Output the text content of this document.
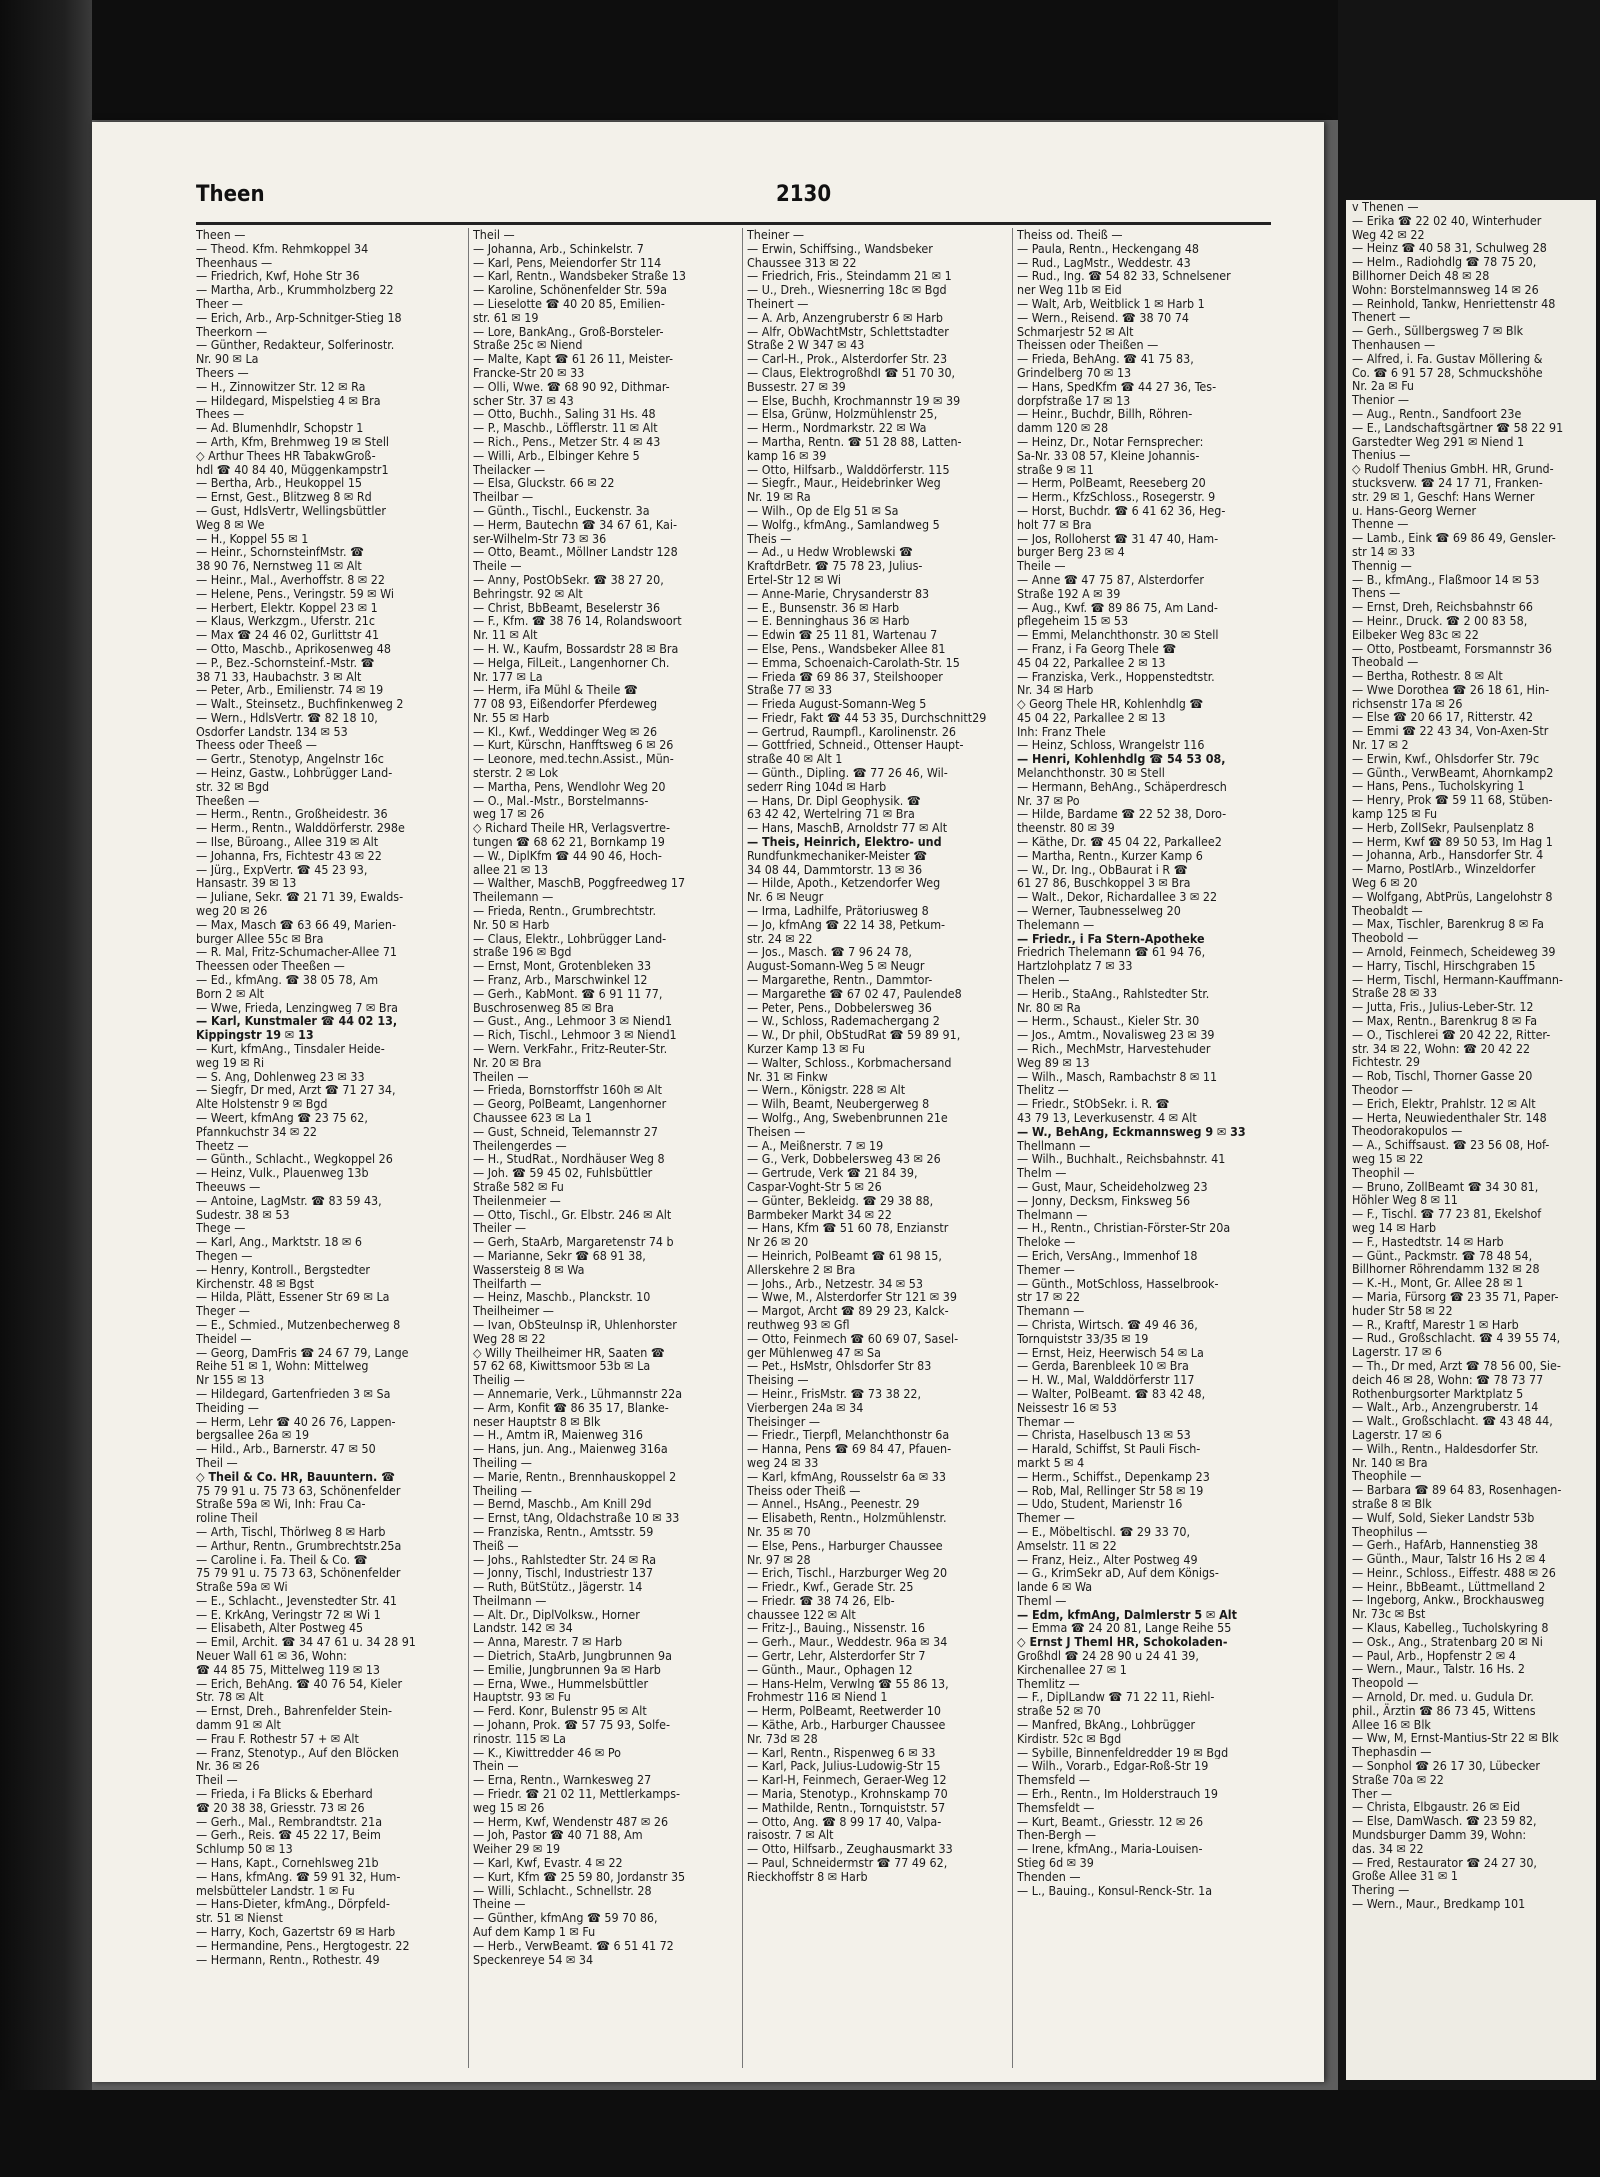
Theen	2130
Theen —
— Theod. Kfm. Rehmkoppel 34
Theenhaus —
— Friedrich, Kwf, Hohe Str 36
— Martha, Arb., Krummholzberg 22
Theer —
— Erich, Arb., Arp-Schnitger-Stieg 18
Theerkorn —
— Günther, Redakteur, Solferinostr.
Nr. 90 ✉ La
Theers —
— H., Zinnowitzer Str. 12 ✉ Ra
— Hildegard, Mispelstieg 4 ✉ Bra
Thees —
— Ad. Blumenhdlr, Schopstr 1
— Arth, Kfm, Brehmweg 19 ✉ Stell
◇ Arthur Thees HR TabakwGroß-
hdl ☎ 40 84 40, Müggenkampstr1
— Bertha, Arb., Heukoppel 15
— Ernst, Gest., Blitzweg 8 ✉ Rd
— Gust, HdlsVertr, Wellingsbüttler
Weg 8 ✉ We
— H., Koppel 55 ✉ 1
— Heinr., SchornsteinfMstr. ☎
38 90 76, Nernstweg 11 ✉ Alt
— Heinr., Mal., Averhoffstr. 8 ✉ 22
— Helene, Pens., Veringstr. 59 ✉ Wi
— Herbert, Elektr. Koppel 23 ✉ 1
— Klaus, Werkzgm., Uferstr. 21c
— Max ☎ 24 46 02, Gurlittstr 41
— Otto, Maschb., Aprikosenweg 48
— P., Bez.-Schornsteinf.-Mstr. ☎
38 71 33, Haubachstr. 3 ✉ Alt
— Peter, Arb., Emilienstr. 74 ✉ 19
— Walt., Steinsetz., Buchfinkenweg 2
— Wern., HdlsVertr. ☎ 82 18 10,
Osdorfer Landstr. 134 ✉ 53
Theess oder Theeß —
— Gertr., Stenotyp, Angelnstr 16c
— Heinz, Gastw., Lohbrügger Land-
str. 32 ✉ Bgd
Theeßen —
— Herm., Rentn., Großheidestr. 36
— Herm., Rentn., Walddörferstr. 298e
— Ilse, Büroang., Allee 319 ✉ Alt
— Johanna, Frs, Fichtestr 43 ✉ 22
— Jürg., ExpVertr. ☎ 45 23 93,
Hansastr. 39 ✉ 13
— Juliane, Sekr. ☎ 21 71 39, Ewalds-
weg 20 ✉ 26
— Max, Masch ☎ 63 66 49, Marien-
burger Allee 55c ✉ Bra
— R. Mal, Fritz-Schumacher-Allee 71
Theessen oder Theeßen —
— Ed., kfmAng. ☎ 38 05 78, Am
Born 2 ✉ Alt
— Wwe, Frieda, Lenzingweg 7 ✉ Bra
— Karl, Kunstmaler ☎ 44 02 13,
Kippingstr 19 ✉ 13
— Kurt, kfmAng., Tinsdaler Heide-
weg 19 ✉ Ri
— S. Ang, Dohlenweg 23 ✉ 33
— Siegfr, Dr med, Arzt ☎ 71 27 34,
Alte Holstenstr 9 ✉ Bgd
— Weert, kfmAng ☎ 23 75 62,
Pfannkuchstr 34 ✉ 22
Theetz —
— Günth., Schlacht., Wegkoppel 26
— Heinz, Vulk., Plauenweg 13b
Theeuws —
— Antoine, LagMstr. ☎ 83 59 43,
Sudestr. 38 ✉ 53
Thege —
— Karl, Ang., Marktstr. 18 ✉ 6
Thegen —
— Henry, Kontroll., Bergstedter
Kirchenstr. 48 ✉ Bgst
— Hilda, Plätt, Essener Str 69 ✉ La
Theger —
— E., Schmied., Mutzenbecherweg 8
Theidel —
— Georg, DamFris ☎ 24 67 79, Lange
Reihe 51 ✉ 1, Wohn: Mittelweg
Nr 155 ✉ 13
— Hildegard, Gartenfrieden 3 ✉ Sa
Theiding —
— Herm, Lehr ☎ 40 26 76, Lappen-
bergsallee 26a ✉ 19
— Hild., Arb., Barnerstr. 47 ✉ 50
Theil —
◇ Theil & Co. HR, Bauuntern. ☎
75 79 91 u. 75 73 63, Schönenfelder
Straße 59a ✉ Wi, Inh: Frau Ca-
roline Theil
— Arth, Tischl, Thörlweg 8 ✉ Harb
— Arthur, Rentn., Grumbrechtstr.25a
— Caroline i. Fa. Theil & Co. ☎
75 79 91 u. 75 73 63, Schönenfelder
Straße 59a ✉ Wi
— E., Schlacht., Jevenstedter Str. 41
— E. KrkAng, Veringstr 72 ✉ Wi 1
— Elisabeth, Alter Postweg 45
— Emil, Archit. ☎ 34 47 61 u. 34 28 91
Neuer Wall 61 ✉ 36, Wohn:
☎ 44 85 75, Mittelweg 119 ✉ 13
— Erich, BehAng. ☎ 40 76 54, Kieler
Str. 78 ✉ Alt
— Ernst, Dreh., Bahrenfelder Stein-
damm 91 ✉ Alt
— Frau F. Rothestr 57 + ✉ Alt
— Franz, Stenotyp., Auf den Blöcken
Nr. 36 ✉ 26
Theil —
— Frieda, i Fa Blicks & Eberhard
☎ 20 38 38, Griesstr. 73 ✉ 26
— Gerh., Mal., Rembrandtstr. 21a
— Gerh., Reis. ☎ 45 22 17, Beim
Schlump 50 ✉ 13
— Hans, Kapt., Cornehlsweg 21b
— Hans, kfmAng. ☎ 59 91 32, Hum-
melsbütteler Landstr. 1 ✉ Fu
— Hans-Dieter, kfmAng., Dörpfeld-
str. 51 ✉ Nienst
— Harry, Koch, Gazertstr 69 ✉ Harb
— Hermandine, Pens., Hergtogestr. 22
— Hermann, Rentn., Rothestr. 49
Theil —
— Johanna, Arb., Schinkelstr. 7
— Karl, Pens, Meiendorfer Str 114
— Karl, Rentn., Wandsbeker Straße 13
— Karoline, Schönenfelder Str. 59a
— Lieselotte ☎ 40 20 85, Emilien-
str. 61 ✉ 19
— Lore, BankAng., Groß-Borsteler-
Straße 25c ✉ Niend
— Malte, Kapt ☎ 61 26 11, Meister-
Francke-Str 20 ✉ 33
— Olli, Wwe. ☎ 68 90 92, Dithmar-
scher Str. 37 ✉ 43
— Otto, Buchh., Saling 31 Hs. 48
— P., Maschb., Löfflerstr. 11 ✉ Alt
— Rich., Pens., Metzer Str. 4 ✉ 43
— Willi, Arb., Elbinger Kehre 5
Theilacker —
— Elsa, Gluckstr. 66 ✉ 22
Theilbar —
— Günth., Tischl., Euckenstr. 3a
— Herm, Bautechn ☎ 34 67 61, Kai-
ser-Wilhelm-Str 73 ✉ 36
— Otto, Beamt., Möllner Landstr 128
Theile —
— Anny, PostObSekr. ☎ 38 27 20,
Behringstr. 92 ✉ Alt
— Christ, BbBeamt, Beselerstr 36
— F., Kfm. ☎ 38 76 14, Rolandswoort
Nr. 11 ✉ Alt
— H. W., Kaufm, Bossardstr 28 ✉ Bra
— Helga, FilLeit., Langenhorner Ch.
Nr. 177 ✉ La
— Herm, iFa Mühl & Theile ☎
77 08 93, Eißendorfer Pferdeweg
Nr. 55 ✉ Harb
— Kl., Kwf., Weddinger Weg ✉ 26
— Kurt, Kürschn, Hanfftsweg 6 ✉ 26
— Leonore, med.techn.Assist., Mün-
sterstr. 2 ✉ Lok
— Martha, Pens, Wendlohr Weg 20
— O., Mal.-Mstr., Borstelmanns-
weg 17 ✉ 26
◇ Richard Theile HR, Verlagsvertre-
tungen ☎ 68 62 21, Bornkamp 19
— W., DiplKfm ☎ 44 90 46, Hoch-
allee 21 ✉ 13
— Walther, MaschB, Poggfreedweg 17
Theilemann —
— Frieda, Rentn., Grumbrechtstr.
Nr. 50 ✉ Harb
— Claus, Elektr., Lohbrügger Land-
straße 196 ✉ Bgd
— Ernst, Mont, Grotenbleken 33
— Franz, Arb., Marschwinkel 12
— Gerh., KabMont. ☎ 6 91 11 77,
Buschrosenweg 85 ✉ Bra
— Gust., Ang., Lehmoor 3 ✉ Niend1
— Rich, Tischl., Lehmoor 3 ✉ Niend1
— Wern. VerkFahr., Fritz-Reuter-Str.
Nr. 20 ✉ Bra
Theilen —
— Frieda, Bornstorffstr 160h ✉ Alt
— Georg, PolBeamt, Langenhorner
Chaussee 623 ✉ La 1
— Gust, Schneid, Telemannstr 27
Theilengerdes —
— H., StudRat., Nordhäuser Weg 8
— Joh. ☎ 59 45 02, Fuhlsbüttler
Straße 582 ✉ Fu
Theilenmeier —
— Otto, Tischl., Gr. Elbstr. 246 ✉ Alt
Theiler —
— Gerh, StaArb, Margaretenstr 74 b
— Marianne, Sekr ☎ 68 91 38,
Wassersteig 8 ✉ Wa
Theilfarth —
— Heinz, Maschb., Planckstr. 10
Theilheimer —
— Ivan, ObSteuInsp iR, Uhlenhorster
Weg 28 ✉ 22
◇ Willy Theilheimer HR, Saaten ☎
57 62 68, Kiwittsmoor 53b ✉ La
Theilig —
— Annemarie, Verk., Lühmannstr 22a
— Arm, Konfit ☎ 86 35 17, Blanke-
neser Hauptstr 8 ✉ Blk
— H., Amtm iR, Maienweg 316
— Hans, jun. Ang., Maienweg 316a
Theiling —
— Marie, Rentn., Brennhauskoppel 2
Theiling —
— Bernd, Maschb., Am Knill 29d
— Ernst, tAng, Oldachstraße 10 ✉ 33
— Franziska, Rentn., Amtsstr. 59
Theiß —
— Johs., Rahlstedter Str. 24 ✉ Ra
— Jonny, Tischl, Industriestr 137
— Ruth, BütStütz., Jägerstr. 14
Theilmann —
— Alt. Dr., DiplVolksw., Horner
Landstr. 142 ✉ 34
— Anna, Marestr. 7 ✉ Harb
— Dietrich, StaArb, Jungbrunnen 9a
— Emilie, Jungbrunnen 9a ✉ Harb
— Erna, Wwe., Hummelsbüttler
Hauptstr. 93 ✉ Fu
— Ferd. Konr, Bulenstr 95 ✉ Alt
— Johann, Prok. ☎ 57 75 93, Solfe-
rinostr. 115 ✉ La
— K., Kiwittredder 46 ✉ Po
Thein —
— Erna, Rentn., Warnkesweg 27
— Friedr. ☎ 21 02 11, Mettlerkamps-
weg 15 ✉ 26
— Herm, Kwf, Wendenstr 487 ✉ 26
— Joh, Pastor ☎ 40 71 88, Am
Weiher 29 ✉ 19
— Karl, Kwf, Evastr. 4 ✉ 22
— Kurt, Kfm ☎ 25 59 80, Jordanstr 35
— Willi, Schlacht., Schnellstr. 28
Theine —
— Günther, kfmAng ☎ 59 70 86,
Auf dem Kamp 1 ✉ Fu
— Herb., VerwBeamt. ☎ 6 51 41 72
Speckenreye 54 ✉ 34
Theiner —
— Erwin, Schiffsing., Wandsbeker
Chaussee 313 ✉ 22
— Friedrich, Fris., Steindamm 21 ✉ 1
— U., Dreh., Wiesnerring 18c ✉ Bgd
Theinert —
— A. Arb, Anzengruberstr 6 ✉ Harb
— Alfr, ObWachtMstr, Schlettstadter
Straße 2 W 347 ✉ 43
— Carl-H., Prok., Alsterdorfer Str. 23
— Claus, ElektrogroßhdI ☎ 51 70 30,
Bussestr. 27 ✉ 39
— Else, Buchh, Krochmannstr 19 ✉ 39
— Elsa, Grünw, Holzmühlenstr 25,
— Herm., Nordmarkstr. 22 ✉ Wa
— Martha, Rentn. ☎ 51 28 88, Latten-
kamp 16 ✉ 39
— Otto, Hilfsarb., Walddörferstr. 115
— Siegfr., Maur., Heidebrinker Weg
Nr. 19 ✉ Ra
— Wilh., Op de Elg 51 ✉ Sa
— Wolfg., kfmAng., Samlandweg 5
Theis —
— Ad., u Hedw Wroblewski ☎
KraftdrBetr. ☎ 75 78 23, Julius-
Ertel-Str 12 ✉ Wi
— Anne-Marie, Chrysanderstr 83
— E., Bunsenstr. 36 ✉ Harb
— E. Benninghaus 36 ✉ Harb
— Edwin ☎ 25 11 81, Wartenau 7
— Else, Pens., Wandsbeker Allee 81
— Emma, Schoenaich-Carolath-Str. 15
— Frieda ☎ 69 86 37, Steilshooper
Straße 77 ✉ 33
— Frieda August-Somann-Weg 5
— Friedr, Fakt ☎ 44 53 35, Durchschnitt29
— Gertrud, Raumpfl., Karolinenstr. 26
— Gottfried, Schneid., Ottenser Haupt-
straße 40 ✉ Alt 1
— Günth., Dipling. ☎ 77 26 46, Wil-
sederr Ring 104d ✉ Harb
— Hans, Dr. Dipl Geophysik. ☎
63 42 42, Wertelring 71 ✉ Bra
— Hans, MaschB, Arnoldstr 77 ✉ Alt
— Theis, Heinrich, Elektro- und
Rundfunkmechaniker-Meister ☎
34 08 44, Dammtorstr. 13 ✉ 36
— Hilde, Apoth., Ketzendorfer Weg
Nr. 6 ✉ Neugr
— Irma, Ladhilfe, Prätoriusweg 8
— Jo, kfmAng ☎ 22 14 38, Petkum-
str. 24 ✉ 22
— Jos., Masch. ☎ 7 96 24 78,
August-Somann-Weg 5 ✉ Neugr
— Margarethe, Rentn., Dammtor-
— Margarethe ☎ 67 02 47, Paulende8
— Peter, Pens., Dobbelersweg 36
— W., Schloss, Rademachergang 2
— W., Dr phil, ObStudRat ☎ 59 89 91,
Kurzer Kamp 13 ✉ Fu
— Walter, Schloss., Korbmachersand
Nr. 31 ✉ Finkw
— Wern., Königstr. 228 ✉ Alt
— Wilh, Beamt, Neubergerweg 8
— Wolfg., Ang, Swebenbrunnen 21e
Theisen —
— A., Meißnerstr. 7 ✉ 19
— G., Verk, Dobbelersweg 43 ✉ 26
— Gertrude, Verk ☎ 21 84 39,
Caspar-Voght-Str 5 ✉ 26
— Günter, Bekleidg. ☎ 29 38 88,
Barmbeker Markt 34 ✉ 22
— Hans, Kfm ☎ 51 60 78, Enzianstr
Nr 26 ✉ 20
— Heinrich, PolBeamt ☎ 61 98 15,
Allerskehre 2 ✉ Bra
— Johs., Arb., Netzestr. 34 ✉ 53
— Wwe, M., Alsterdorfer Str 121 ✉ 39
— Margot, Archt ☎ 89 29 23, Kalck-
reuthweg 93 ✉ Gfl
— Otto, Feinmech ☎ 60 69 07, Sasel-
ger Mühlenweg 47 ✉ Sa
— Pet., HsMstr, Ohlsdorfer Str 83
Theising —
— Heinr., FrisMstr. ☎ 73 38 22,
Vierbergen 24a ✉ 34
Theisinger —
— Friedr., Tierpfl, Melanchthonstr 6a
— Hanna, Pens ☎ 69 84 47, Pfauen-
weg 24 ✉ 33
— Karl, kfmAng, Rousselstr 6a ✉ 33
Theiss oder Theiß —
— Annel., HsAng., Peenestr. 29
— Elisabeth, Rentn., Holzmühlenstr.
Nr. 35 ✉ 70
— Else, Pens., Harburger Chaussee
Nr. 97 ✉ 28
— Erich, Tischl., Harzburger Weg 20
— Friedr., Kwf., Gerade Str. 25
— Friedr. ☎ 38 74 26, Elb-
chaussee 122 ✉ Alt
— Fritz-J., Bauing., Nissenstr. 16
— Gerh., Maur., Weddestr. 96a ✉ 34
— Gertr, Lehr, Alsterdorfer Str 7
— Günth., Maur., Ophagen 12
— Hans-Helm, Verwlng ☎ 55 86 13,
Frohmestr 116 ✉ Niend 1
— Herm, PolBeamt, Reetwerder 10
— Käthe, Arb., Harburger Chaussee
Nr. 73d ✉ 28
— Karl, Rentn., Rispenweg 6 ✉ 33
— Karl, Pack, Julius-Ludowig-Str 15
— Karl-H, Feinmech, Geraer-Weg 12
— Maria, Stenotyp., Krohnskamp 70
— Mathilde, Rentn., Tornquiststr. 57
— Otto, Ang. ☎ 8 99 17 40, Valpa-
raisostr. 7 ✉ Alt
— Otto, Hilfsarb., Zeughausmarkt 33
— Paul, Schneidermstr ☎ 77 49 62,
Rieckhoffstr 8 ✉ Harb
Theiss od. Theiß —
— Paula, Rentn., Heckengang 48
— Rud., LagMstr., Weddestr. 43
— Rud., Ing. ☎ 54 82 33, Schnelsener
ner Weg 11b ✉ Eid
— Walt, Arb, Weitblick 1 ✉ Harb 1
— Wern., Reisend. ☎ 38 70 74
Schmarjestr 52 ✉ Alt
Theissen oder Theißen —
— Frieda, BehAng. ☎ 41 75 83,
Grindelberg 70 ✉ 13
— Hans, SpedKfm ☎ 44 27 36, Tes-
dorpfstraße 17 ✉ 13
— Heinr., Buchdr, Billh, Röhren-
damm 120 ✉ 28
— Heinz, Dr., Notar Fernsprecher:
Sa-Nr. 33 08 57, Kleine Johannis-
straße 9 ✉ 11
— Herm, PolBeamt, Reeseberg 20
— Herm., KfzSchloss., Rosegerstr. 9
— Horst, Buchdr. ☎ 6 41 62 36, Heg-
holt 77 ✉ Bra
— Jos, Rolloherst ☎ 31 47 40, Ham-
burger Berg 23 ✉ 4
Theile —
— Anne ☎ 47 75 87, Alsterdorfer
Straße 192 A ✉ 39
— Aug., Kwf. ☎ 89 86 75, Am Land-
pflegeheim 15 ✉ 53
— Emmi, Melanchthonstr. 30 ✉ Stell
— Franz, i Fa Georg Thele ☎
45 04 22, Parkallee 2 ✉ 13
— Franziska, Verk., Hoppenstedtstr.
Nr. 34 ✉ Harb
◇ Georg Thele HR, Kohlenhdlg ☎
45 04 22, Parkallee 2 ✉ 13
Inh: Franz Thele
— Heinz, Schloss, Wrangelstr 116
— Henri, Kohlenhdlg ☎ 54 53 08,
Melanchthonstr. 30 ✉ Stell
— Hermann, BehAng., Schäperdresch
Nr. 37 ✉ Po
— Hilde, Bardame ☎ 22 52 38, Doro-
theenstr. 80 ✉ 39
— Käthe, Dr. ☎ 45 04 22, Parkallee2
— Martha, Rentn., Kurzer Kamp 6
— W., Dr. Ing., ObBaurat i R ☎
61 27 86, Buschkoppel 3 ✉ Bra
— Walt., Dekor, Richardallee 3 ✉ 22
— Werner, Taubnesselweg 20
Thelemann —
— Friedr., i Fa Stern-Apotheke
Friedrich Thelemann ☎ 61 94 76,
Hartzlohplatz 7 ✉ 33
Thelen —
— Herib., StaAng., Rahlstedter Str.
Nr. 80 ✉ Ra
— Herm., Schaust., Kieler Str. 30
— Jos., Amtm., Novalisweg 23 ✉ 39
— Rich., MechMstr, Harvestehuder
Weg 89 ✉ 13
— Wilh., Masch, Rambachstr 8 ✉ 11
Thelitz —
— Friedr., StObSekr. i. R. ☎
43 79 13, Leverkusenstr. 4 ✉ Alt
— W., BehAng, Eckmannsweg 9 ✉ 33
Thellmann —
— Wilh., Buchhalt., Reichsbahnstr. 41
Thelm —
— Gust, Maur, Scheideholzweg 23
— Jonny, Decksm, Finksweg 56
Thelmann —
— H., Rentn., Christian-Förster-Str 20a
Theloke —
— Erich, VersAng., Immenhof 18
Themer —
— Günth., MotSchloss, Hasselbrook-
str 17 ✉ 22
Themann —
— Christa, Wirtsch. ☎ 49 46 36,
Tornquiststr 33/35 ✉ 19
— Ernst, Heiz, Heerwisch 54 ✉ La
— Gerda, Barenbleek 10 ✉ Bra
— H. W., Mal, Walddörferstr 117
— Walter, PolBeamt. ☎ 83 42 48,
Neissestr 16 ✉ 53
Themar —
— Christa, Haselbusch 13 ✉ 53
— Harald, Schiffst, St Pauli Fisch-
markt 5 ✉ 4
— Herm., Schiffst., Depenkamp 23
— Rob, Mal, Rellinger Str 58 ✉ 19
— Udo, Student, Marienstr 16
Themer —
— E., Möbeltischl. ☎ 29 33 70,
Amselstr. 11 ✉ 22
— Franz, Heiz., Alter Postweg 49
— G., KrimSekr aD, Auf dem Königs-
lande 6 ✉ Wa
Theml —
— Edm, kfmAng, Dalmlerstr 5 ✉ Alt
— Emma ☎ 24 20 81, Lange Reihe 55
◇ Ernst J Theml HR, Schokoladen-
Großhdl ☎ 24 28 90 u 24 41 39,
Kirchenallee 27 ✉ 1
Themlitz —
— F., DiplLandw ☎ 71 22 11, Riehl-
straße 52 ✉ 70
— Manfred, BkAng., Lohbrügger
Kirdistr. 52c ✉ Bgd
— Sybille, Binnenfeldredder 19 ✉ Bgd
— Wilh., Vorarb., Edgar-Roß-Str 19
Themsfeld —
— Erh., Rentn., Im Holderstrauch 19
Themsfeldt —
— Kurt, Beamt., Griesstr. 12 ✉ 26
Then-Bergh —
— Irene, kfmAng., Maria-Louisen-
Stieg 6d ✉ 39
Thenden —
— L., Bauing., Konsul-Renck-Str. 1a
v Thenen —
— Erika ☎ 22 02 40, Winterhuder
Weg 42 ✉ 22
— Heinz ☎ 40 58 31, Schulweg 28
— Helm., Radiohdlg ☎ 78 75 20,
Billhorner Deich 48 ✉ 28
Wohn: Borstelmannsweg 14 ✉ 26
— Reinhold, Tankw, Henriettenstr 48
Thenert —
— Gerh., Süllbergsweg 7 ✉ Blk
Thenhausen —
— Alfred, i. Fa. Gustav Möllering &
Co. ☎ 6 91 57 28, Schmuckshöhe
Nr. 2a ✉ Fu
Thenior —
— Aug., Rentn., Sandfoort 23e
— E., Landschaftsgärtner ☎ 58 22 91
Garstedter Weg 291 ✉ Niend 1
Thenius —
◇ Rudolf Thenius GmbH. HR, Grund-
stucksverw. ☎ 24 17 71, Franken-
str. 29 ✉ 1, Geschf: Hans Werner
u. Hans-Georg Werner
Thenne —
— Lamb., Eink ☎ 69 86 49, Gensler-
str 14 ✉ 33
Thennig —
— B., kfmAng., Flaßmoor 14 ✉ 53
Thens —
— Ernst, Dreh, Reichsbahnstr 66
— Heinr., Druck. ☎ 2 00 83 58,
Eilbeker Weg 83c ✉ 22
— Otto, Postbeamt, Forsmannstr 36
Theobald —
— Bertha, Rothestr. 8 ✉ Alt
— Wwe Dorothea ☎ 26 18 61, Hin-
richsenstr 17a ✉ 26
— Else ☎ 20 66 17, Ritterstr. 42
— Emmi ☎ 22 43 34, Von-Axen-Str
Nr. 17 ✉ 2
— Erwin, Kwf., Ohlsdorfer Str. 79c
— Günth., VerwBeamt, Ahornkamp2
— Hans, Pens., Tucholskyring 1
— Henry, Prok ☎ 59 11 68, Stüben-
kamp 125 ✉ Fu
— Herb, ZollSekr, Paulsenplatz 8
— Herm, Kwf ☎ 89 50 53, Im Hag 1
— Johanna, Arb., Hansdorfer Str. 4
— Marno, PostlArb., Winzeldorfer
Weg 6 ✉ 20
— Wolfgang, AbtPrüs, Langelohstr 8
Theobaldt —
— Max, Tischler, Barenkrug 8 ✉ Fa
Theobold —
— Arnold, Feinmech, Scheideweg 39
— Harry, Tischl, Hirschgraben 15
— Herm, Tischl, Hermann-Kauffmann-
Straße 28 ✉ 33
— Jutta, Fris., Julius-Leber-Str. 12
— Max, Rentn., Barenkrug 8 ✉ Fa
— O., Tischlerei ☎ 20 42 22, Ritter-
str. 34 ✉ 22, Wohn: ☎ 20 42 22
Fichtestr. 29
— Rob, Tischl, Thorner Gasse 20
Theodor —
— Erich, Elektr, Prahlstr. 12 ✉ Alt
— Herta, Neuwiedenthaler Str. 148
Theodorakopulos —
— A., Schiffsaust. ☎ 23 56 08, Hof-
weg 15 ✉ 22
Theophil —
— Bruno, ZollBeamt ☎ 34 30 81,
Höhler Weg 8 ✉ 11
— F., Tischl. ☎ 77 23 81, Ekelshof
weg 14 ✉ Harb
— F., Hastedtstr. 14 ✉ Harb
— Günt., Packmstr. ☎ 78 48 54,
Billhorner Röhrendamm 132 ✉ 28
— K.-H., Mont, Gr. Allee 28 ✉ 1
— Maria, Fürsorg ☎ 23 35 71, Paper-
huder Str 58 ✉ 22
— R., Kraftf, Marestr 1 ✉ Harb
— Rud., Großschlacht. ☎ 4 39 55 74,
Lagerstr. 17 ✉ 6
— Th., Dr med, Arzt ☎ 78 56 00, Sie-
deich 46 ✉ 28, Wohn: ☎ 78 73 77
Rothenburgsorter Marktplatz 5
— Walt., Arb., Anzengruberstr. 14
— Walt., Großschlacht. ☎ 43 48 44,
Lagerstr. 17 ✉ 6
— Wilh., Rentn., Haldesdorfer Str.
Nr. 140 ✉ Bra
Theophile —
— Barbara ☎ 89 64 83, Rosenhagen-
straße 8 ✉ Blk
— Wulf, Sold, Sieker Landstr 53b
Theophilus —
— Gerh., HafArb, Hannenstieg 38
— Günth., Maur, Talstr 16 Hs 2 ✉ 4
— Heinr., Schloss., Eiffestr. 488 ✉ 26
— Heinr., BbBeamt., Lüttmelland 2
— Ingeborg, Ankw., Brockhausweg
Nr. 73c ✉ Bst
— Klaus, Kabelleg., Tucholskyring 8
— Osk., Ang., Stratenbarg 20 ✉ Ni
— Paul, Arb., Hopfenstr 2 ✉ 4
— Wern., Maur., Talstr. 16 Hs. 2
Theopold —
— Arnold, Dr. med. u. Gudula Dr.
phil., Ärztin ☎ 86 73 45, Wittens
Allee 16 ✉ Blk
— Ww, M, Ernst-Mantius-Str 22 ✉ Blk
Thephasdin —
— Sonphol ☎ 26 17 30, Lübecker
Straße 70a ✉ 22
Ther —
— Christa, Elbgaustr. 26 ✉ Eid
— Else, DamWasch. ☎ 23 59 82,
Mundsburger Damm 39, Wohn:
das. 34 ✉ 22
— Fred, Restaurator ☎ 24 27 30,
Große Allee 31 ✉ 1
Thering —
— Wern., Maur., Bredkamp 101
